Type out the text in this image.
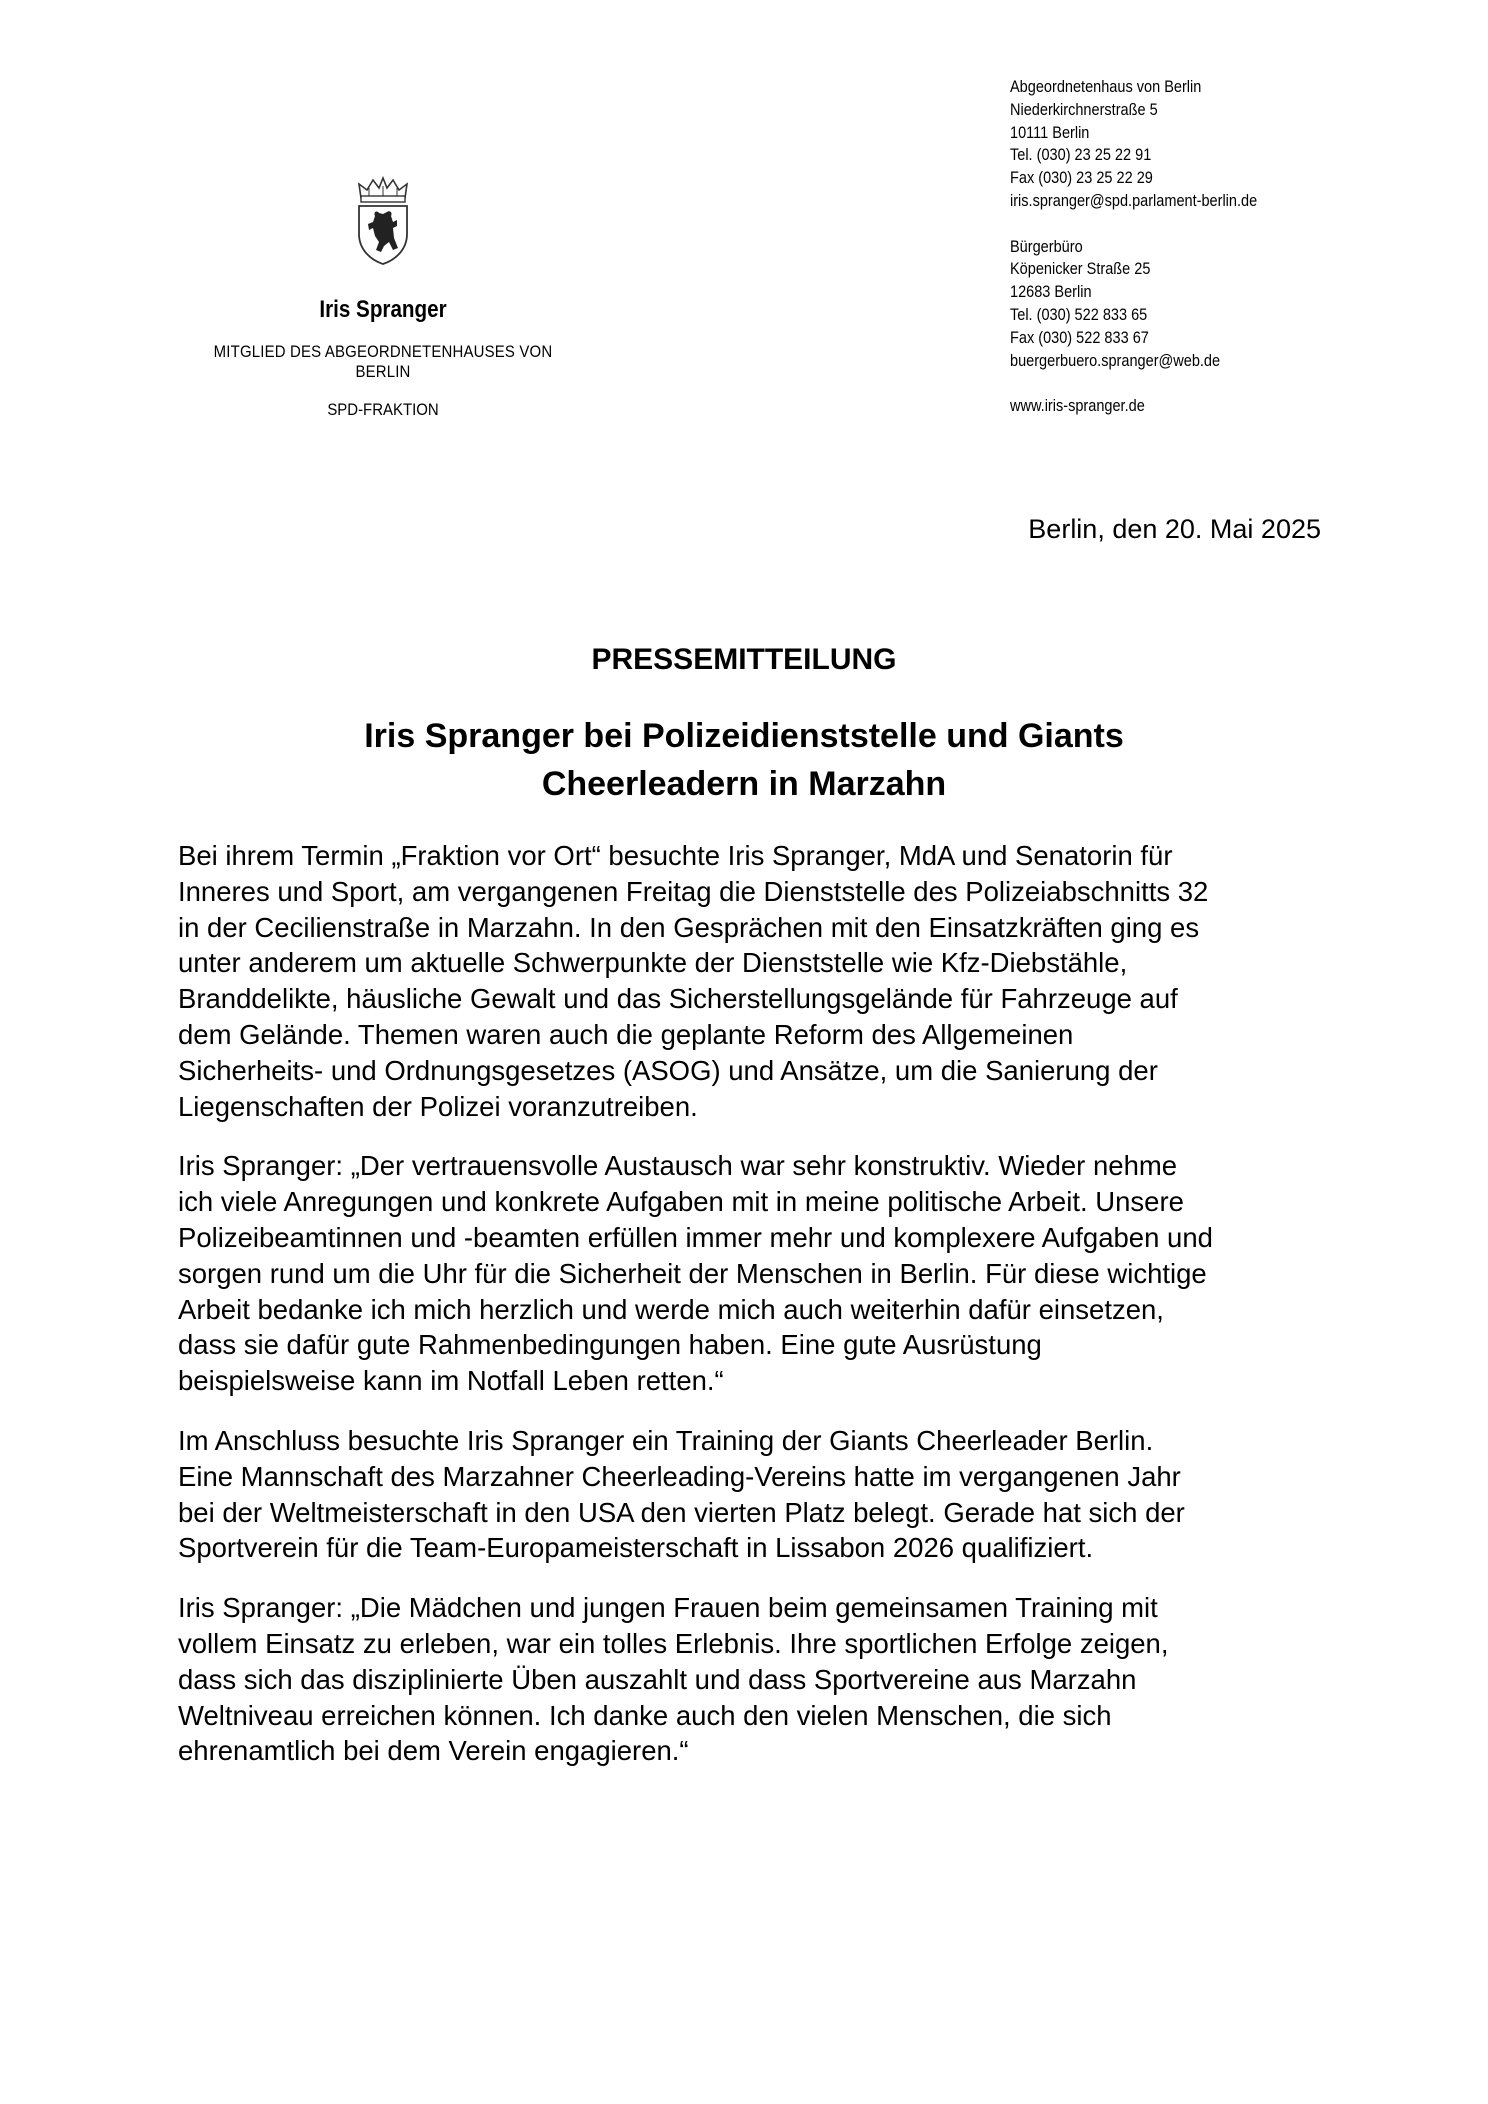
Iris Spranger
MITGLIED DES ABGEORDNETENHAUSES VON BERLIN
SPD-FRAKTION
Abgeordnetenhaus von Berlin
Niederkirchnerstraße 5
10111 Berlin
Tel. (030) 23 25 22 91
Fax (030) 23 25 22 29
iris.spranger@spd.parlament-berlin.de
Bürgerbüro
Köpenicker Straße 25
12683 Berlin
Tel. (030) 522 833 65
Fax (030) 522 833 67
buergerbuero.spranger@web.de
www.iris-spranger.de
Berlin, den 20. Mai 2025
PRESSEMITTEILUNG
Iris Spranger bei Polizeidienststelle und Giants
Cheerleadern in Marzahn

Bei ihrem Termin „Fraktion vor Ort“ besuchte Iris Spranger, MdA und Senatorin für
Inneres und Sport, am vergangenen Freitag die Dienststelle des Polizeiabschnitts 32
in der Cecilienstraße in Marzahn. In den Gesprächen mit den Einsatzkräften ging es
unter anderem um aktuelle Schwerpunkte der Dienststelle wie Kfz-Diebstähle,
Branddelikte, häusliche Gewalt und das Sicherstellungsgelände für Fahrzeuge auf
dem Gelände. Themen waren auch die geplante Reform des Allgemeinen
Sicherheits- und Ordnungsgesetzes (ASOG) und Ansätze, um die Sanierung der
Liegenschaften der Polizei voranzutreiben.

Iris Spranger: „Der vertrauensvolle Austausch war sehr konstruktiv. Wieder nehme
ich viele Anregungen und konkrete Aufgaben mit in meine politische Arbeit. Unsere
Polizeibeamtinnen und -beamten erfüllen immer mehr und komplexere Aufgaben und
sorgen rund um die Uhr für die Sicherheit der Menschen in Berlin. Für diese wichtige
Arbeit bedanke ich mich herzlich und werde mich auch weiterhin dafür einsetzen,
dass sie dafür gute Rahmenbedingungen haben. Eine gute Ausrüstung
beispielsweise kann im Notfall Leben retten.“

Im Anschluss besuchte Iris Spranger ein Training der Giants Cheerleader Berlin.
Eine Mannschaft des Marzahner Cheerleading-Vereins hatte im vergangenen Jahr
bei der Weltmeisterschaft in den USA den vierten Platz belegt. Gerade hat sich der
Sportverein für die Team-Europameisterschaft in Lissabon 2026 qualifiziert.

Iris Spranger: „Die Mädchen und jungen Frauen beim gemeinsamen Training mit
vollem Einsatz zu erleben, war ein tolles Erlebnis. Ihre sportlichen Erfolge zeigen,
dass sich das disziplinierte Üben auszahlt und dass Sportvereine aus Marzahn
Weltniveau erreichen können. Ich danke auch den vielen Menschen, die sich
ehrenamtlich bei dem Verein engagieren.“
